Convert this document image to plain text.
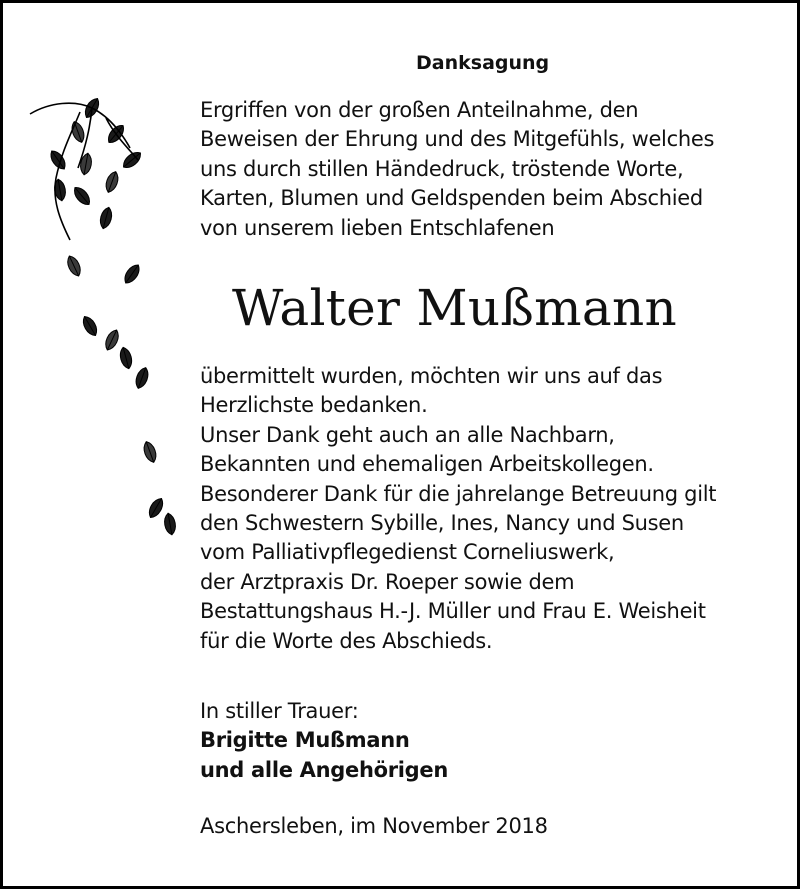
Danksagung
Ergriffen von der großen Anteilnahme, den
Beweisen der Ehrung und des Mitgefühls, welches
uns durch stillen Händedruck, tröstende Worte,
Karten, Blumen und Geldspenden beim Abschied
von unserem lieben Entschlafenen
Walter Mußmann
übermittelt wurden, möchten wir uns auf das
Herzlichste bedanken.
Unser Dank geht auch an alle Nachbarn,
Bekannten und ehemaligen Arbeitskollegen.
Besonderer Dank für die jahrelange Betreuung gilt
den Schwestern Sybille, Ines, Nancy und Susen
vom Palliativpflegedienst Corneliuswerk,
der Arztpraxis Dr. Roeper sowie dem
Bestattungshaus H.-J. Müller und Frau E. Weisheit
für die Worte des Abschieds.
In stiller Trauer:
Brigitte Mußmann
und alle Angehörigen
Aschersleben, im November 2018
